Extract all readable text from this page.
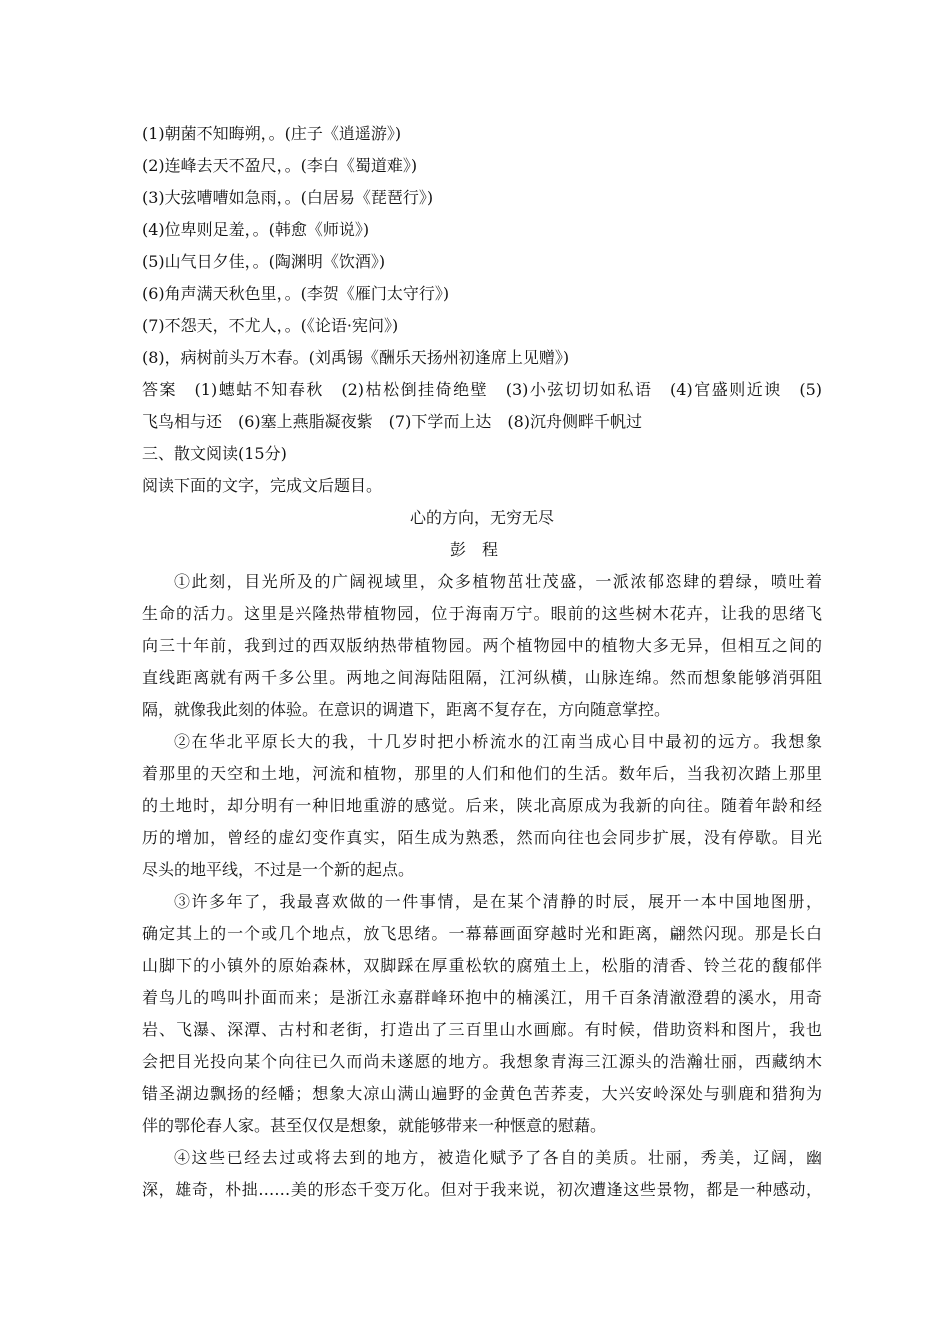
(1)朝菌不知晦朔，。(庄子《逍遥游》)
(2)连峰去天不盈尺，。(李白《蜀道难》)
(3)大弦嘈嘈如急雨，。(白居易《琵琶行》)
(4)位卑则足羞，。(韩愈《师说》)
(5)山气日夕佳，。(陶渊明《饮酒》)
(6)角声满天秋色里，。(李贺《雁门太守行》)
(7)不怨天，不尤人，。(《论语·宪问》)
(8)，病树前头万木春。(刘禹锡《酬乐天扬州初逢席上见赠》)
答案　(1)蟪蛄不知春秋　(2)枯松倒挂倚绝壁　(3)小弦切切如私语　(4)官盛则近谀　(5)
飞鸟相与还　(6)塞上燕脂凝夜紫　(7)下学而上达　(8)沉舟侧畔千帆过
三、散文阅读(15分)
阅读下面的文字，完成文后题目。
心的方向，无穷无尽
彭程
①此刻，目光所及的广阔视域里，众多植物茁壮茂盛，一派浓郁恣肆的碧绿，喷吐着
生命的活力。这里是兴隆热带植物园，位于海南万宁。眼前的这些树木花卉，让我的思绪飞
向三十年前，我到过的西双版纳热带植物园。两个植物园中的植物大多无异，但相互之间的
直线距离就有两千多公里。两地之间海陆阻隔，江河纵横，山脉连绵。然而想象能够消弭阻
隔，就像我此刻的体验。在意识的调遣下，距离不复存在，方向随意掌控。
②在华北平原长大的我，十几岁时把小桥流水的江南当成心目中最初的远方。我想象
着那里的天空和土地，河流和植物，那里的人们和他们的生活。数年后，当我初次踏上那里
的土地时，却分明有一种旧地重游的感觉。后来，陕北高原成为我新的向往。随着年龄和经
历的增加，曾经的虚幻变作真实，陌生成为熟悉，然而向往也会同步扩展，没有停歇。目光
尽头的地平线，不过是一个新的起点。
③许多年了，我最喜欢做的一件事情，是在某个清静的时辰，展开一本中国地图册，
确定其上的一个或几个地点，放飞思绪。一幕幕画面穿越时光和距离，翩然闪现。那是长白
山脚下的小镇外的原始森林，双脚踩在厚重松软的腐殖土上，松脂的清香、铃兰花的馥郁伴
着鸟儿的鸣叫扑面而来；是浙江永嘉群峰环抱中的楠溪江，用千百条清澈澄碧的溪水，用奇
岩、飞瀑、深潭、古村和老街，打造出了三百里山水画廊。有时候，借助资料和图片，我也
会把目光投向某个向往已久而尚未遂愿的地方。我想象青海三江源头的浩瀚壮丽，西藏纳木
错圣湖边飘扬的经幡；想象大凉山满山遍野的金黄色苦荞麦，大兴安岭深处与驯鹿和猎狗为
伴的鄂伦春人家。甚至仅仅是想象，就能够带来一种惬意的慰藉。
④这些已经去过或将去到的地方，被造化赋予了各自的美质。壮丽，秀美，辽阔，幽
深，雄奇，朴拙……美的形态千变万化。但对于我来说，初次遭逢这些景物，都是一种感动，
